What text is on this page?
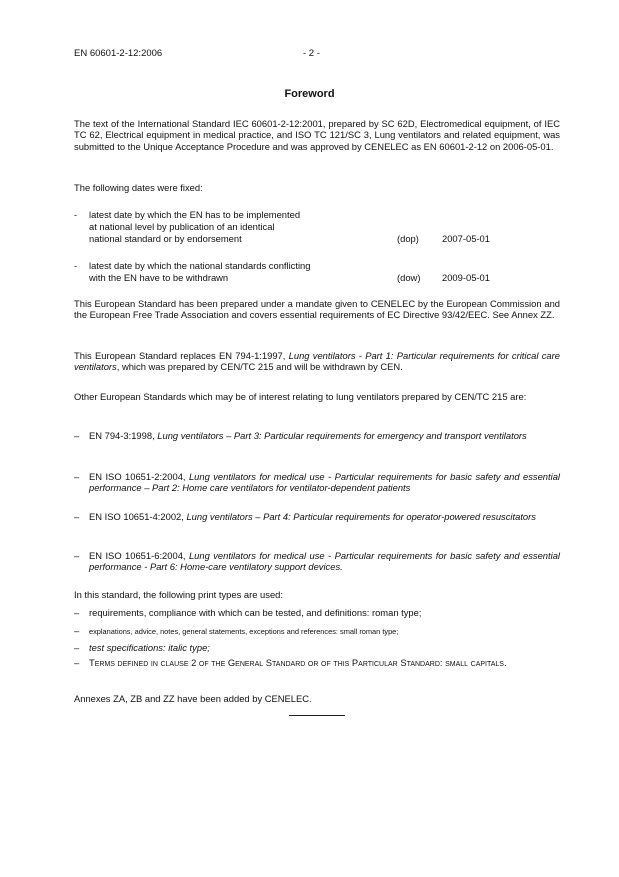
EN 60601-2-12:2006	- 2 -
Foreword
The text of the International Standard IEC 60601-2-12:2001, prepared by SC 62D, Electromedical equipment, of IEC TC 62, Electrical equipment in medical practice, and ISO TC 121/SC 3, Lung ventilators and related equipment, was submitted to the Unique Acceptance Procedure and was approved by CENELEC as EN 60601-2-12 on 2006-05-01.
The following dates were fixed:
-	latest date by which the EN has to be implemented
at national level by publication of an identical
national standard or by endorsement	(dop) 2007-05-01
-	latest date by which the national standards conflicting
with the EN have to be withdrawn	(dow) 2009-05-01
This European Standard has been prepared under a mandate given to CENELEC by the European Commission and the European Free Trade Association and covers essential requirements of EC Directive 93/42/EEC. See Annex ZZ.
This European Standard replaces EN 794-1:1997, Lung ventilators - Part 1: Particular requirements for critical care ventilators, which was prepared by CEN/TC 215 and will be withdrawn by CEN.
Other European Standards which may be of interest relating to lung ventilators prepared by CEN/TC 215 are:
–	EN 794-3:1998, Lung ventilators – Part 3: Particular requirements for emergency and transport ventilators
–	EN ISO 10651-2:2004, Lung ventilators for medical use - Particular requirements for basic safety and essential performance – Part 2: Home care ventilators for ventilator-dependent patients
–	EN ISO 10651-4:2002, Lung ventilators – Part 4: Particular requirements for operator-powered resuscitators
–	EN ISO 10651-6:2004, Lung ventilators for medical use - Particular requirements for basic safety and essential performance - Part 6: Home-care ventilatory support devices.
In this standard, the following print types are used:
–	requirements, compliance with which can be tested, and definitions: roman type;
–	explanations, advice, notes, general statements, exceptions and references: small roman type;
–	test specifications: italic type;
–	Terms defined in clause 2 of the General Standard or of this Particular Standard: small capitals.
Annexes ZA, ZB and ZZ have been added by CENELEC.
